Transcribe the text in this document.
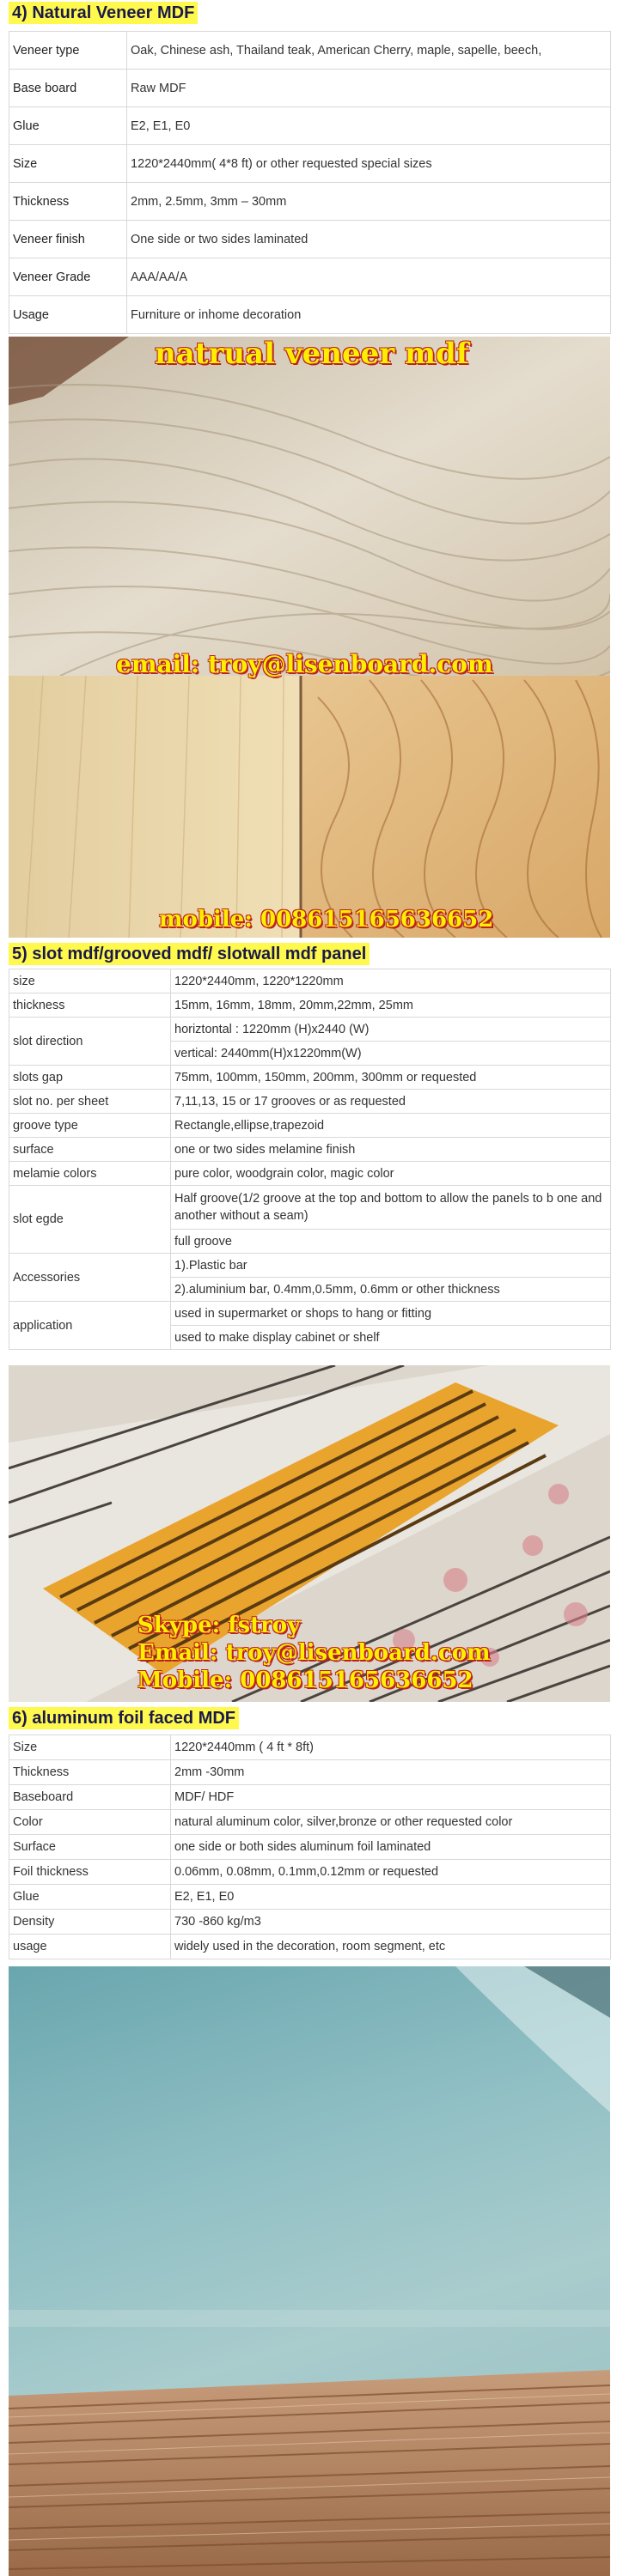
4) Natural Veneer MDF
Veneer type	Oak, Chinese ash, Thailand teak, American Cherry, maple, sapelle, beech,
Base board	Raw MDF
Glue	E2, E1, E0
Size	1220*2440mm( 4*8 ft) or other requested special sizes
Thickness	2mm, 2.5mm, 3mm – 30mm
Veneer finish	One side or two sides laminated
Veneer Grade	AAA/AA/A
Usage	Furniture or inhome decoration
natrual veneer mdf
email: troy@lisenboard.com
mobile: 008615165636652
5) slot mdf/grooved mdf/ slotwall mdf panel
size	1220*2440mm, 1220*1220mm
thickness	15mm, 16mm, 18mm, 20mm,22mm, 25mm
slot direction	horiztontal : 1220mm (H)x2440 (W)
	vertical: 2440mm(H)x1220mm(W)
slots gap	75mm, 100mm, 150mm, 200mm, 300mm or requested
slot no. per sheet	7,11,13, 15 or 17 grooves or as requested
groove type	Rectangle,ellipse,trapezoid
surface	one or two sides melamine finish
melamie colors	pure color, woodgrain color, magic color
slot egde	Half groove(1/2 groove at the top and bottom to allow the panels to b one and another without a seam)
	full groove
Accessories	1).Plastic bar
	2).aluminium bar, 0.4mm,0.5mm, 0.6mm or other thickness
application	used in supermarket or shops to hang or fitting
	used to make display cabinet or shelf
Skype: fstroy
Email: troy@lisenboard.com
Mobile: 008615165636652
6) aluminum foil faced MDF
Size	1220*2440mm ( 4 ft * 8ft)
Thickness	2mm -30mm
Baseboard	MDF/ HDF
Color	natural aluminum color, silver,bronze or other requested color
Surface	one side or both sides aluminum foil laminated
Foil thickness	0.06mm, 0.08mm, 0.1mm,0.12mm or requested
Glue	E2, E1, E0
Density	730 -860 kg/m3
usage	widely used in the decoration, room segment, etc
